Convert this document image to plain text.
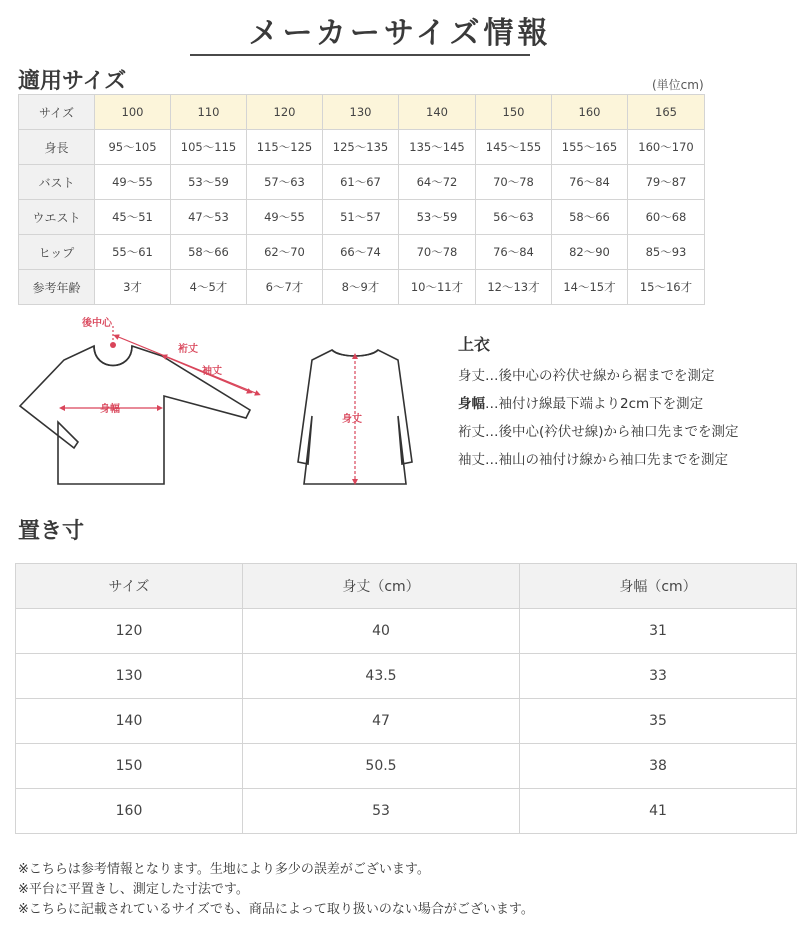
メーカーサイズ情報
適用サイズ	(単位cm)
サイズ	100	110	120	130	140	150	160	165
身長	95〜105	105〜115	115〜125	125〜135	135〜145	145〜155	155〜165	160〜170
バスト	49〜55	53〜59	57〜63	61〜67	64〜72	70〜78	76〜84	79〜87
ウエスト	45〜51	47〜53	49〜55	51〜57	53〜59	56〜63	58〜66	60〜68
ヒップ	55〜61	58〜66	62〜70	66〜74	70〜78	76〜84	82〜90	85〜93
参考年齢	3才	4〜5才	6〜7才	8〜9才	10〜11才	12〜13才	14〜15才	15〜16才
後中心
裄丈
袖丈
身幅
身丈
上衣
身丈…後中心の衿伏せ線から裾までを測定
身幅…袖付け線最下端より2cm下を測定
裄丈…後中心(衿伏せ線)から袖口先までを測定
袖丈…袖山の袖付け線から袖口先までを測定
置き寸
サイズ	身丈（cm）	身幅（cm）
120	40	31
130	43.5	33
140	47	35
150	50.5	38
160	53	41
※こちらは参考情報となります。生地により多少の誤差がございます。
※平台に平置きし、測定した寸法です。
※こちらに記載されているサイズでも、商品によって取り扱いのない場合がございます。
